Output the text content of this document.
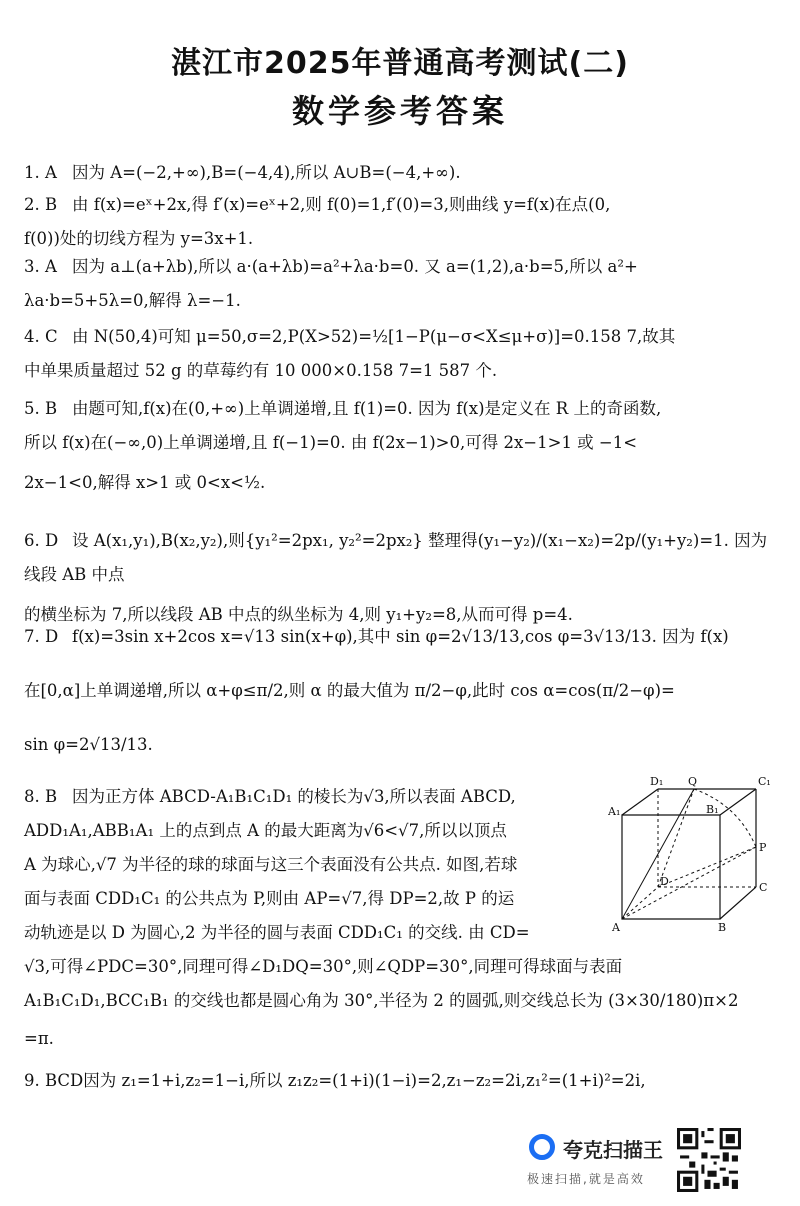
湛江市2025年普通高考测试(二)
数学参考答案

1. A 因为 A=(−2,+∞),B=(−4,4),所以 A∪B=(−4,+∞).

2. B 由 f(x)=eˣ+2x,得 f′(x)=eˣ+2,则 f(0)=1,f′(0)=3,则曲线 y=f(x)在点(0,

f(0))处的切线方程为 y=3x+1.

3. A 因为 a⊥(a+λb),所以 a·(a+λb)=a²+λa·b=0. 又 a=(1,2),a·b=5,所以 a²+

λa·b=5+5λ=0,解得 λ=−1.

4. C 由 N(50,4)可知 μ=50,σ=2,P(X>52)=½[1−P(μ−σ<X≤μ+σ)]=0.158 7,故其

中单果质量超过 52 g 的草莓约有 10 000×0.158 7=1 587 个.

5. B 由题可知,f(x)在(0,+∞)上单调递增,且 f(1)=0. 因为 f(x)是定义在 R 上的奇函数,

所以 f(x)在(−∞,0)上单调递增,且 f(−1)=0. 由 f(2x−1)>0,可得 2x−1>1 或 −1<

2x−1<0,解得 x>1 或 0<x<½.

6. D 设 A(x₁,y₁),B(x₂,y₂),则{y₁²=2px₁, y₂²=2px₂} 整理得(y₁−y₂)/(x₁−x₂)=2p/(y₁+y₂)=1. 因为线段 AB 中点

的横坐标为 7,所以线段 AB 中点的纵坐标为 4,则 y₁+y₂=8,从而可得 p=4.

7. D f(x)=3sin x+2cos x=√13 sin(x+φ),其中 sin φ=2√13/13,cos φ=3√13/13. 因为 f(x)

在[0,α]上单调递增,所以 α+φ≤π/2,则 α 的最大值为 π/2−φ,此时 cos α=cos(π/2−φ)=

sin φ=2√13/13.

8. B 因为正方体 ABCD-A₁B₁C₁D₁ 的棱长为√3,所以表面 ABCD,

ADD₁A₁,ABB₁A₁ 上的点到点 A 的最大距离为√6<√7,所以以顶点

A 为球心,√7 为半径的球的球面与这三个表面没有公共点. 如图,若球

面与表面 CDD₁C₁ 的公共点为 P,则由 AP=√7,得 DP=2,故 P 的运

动轨迹是以 D 为圆心,2 为半径的圆与表面 CDD₁C₁ 的交线. 由 CD=

√3,可得∠PDC=30°,同理可得∠D₁DQ=30°,则∠QDP=30°,同理可得球面与表面

A₁B₁C₁D₁,BCC₁B₁ 的交线也都是圆心角为 30°,半径为 2 的圆弧,则交线总长为 (3×30/180)π×2

=π.

9. BCD因为 z₁=1+i,z₂=1−i,所以 z₁z₂=(1+i)(1−i)=2,z₁−z₂=2i,z₁²=(1+i)²=2i,

D₁ Q	C₁
A₁	B₁
P
D	C
A	B
夸克扫描王
极速扫描,就是高效
